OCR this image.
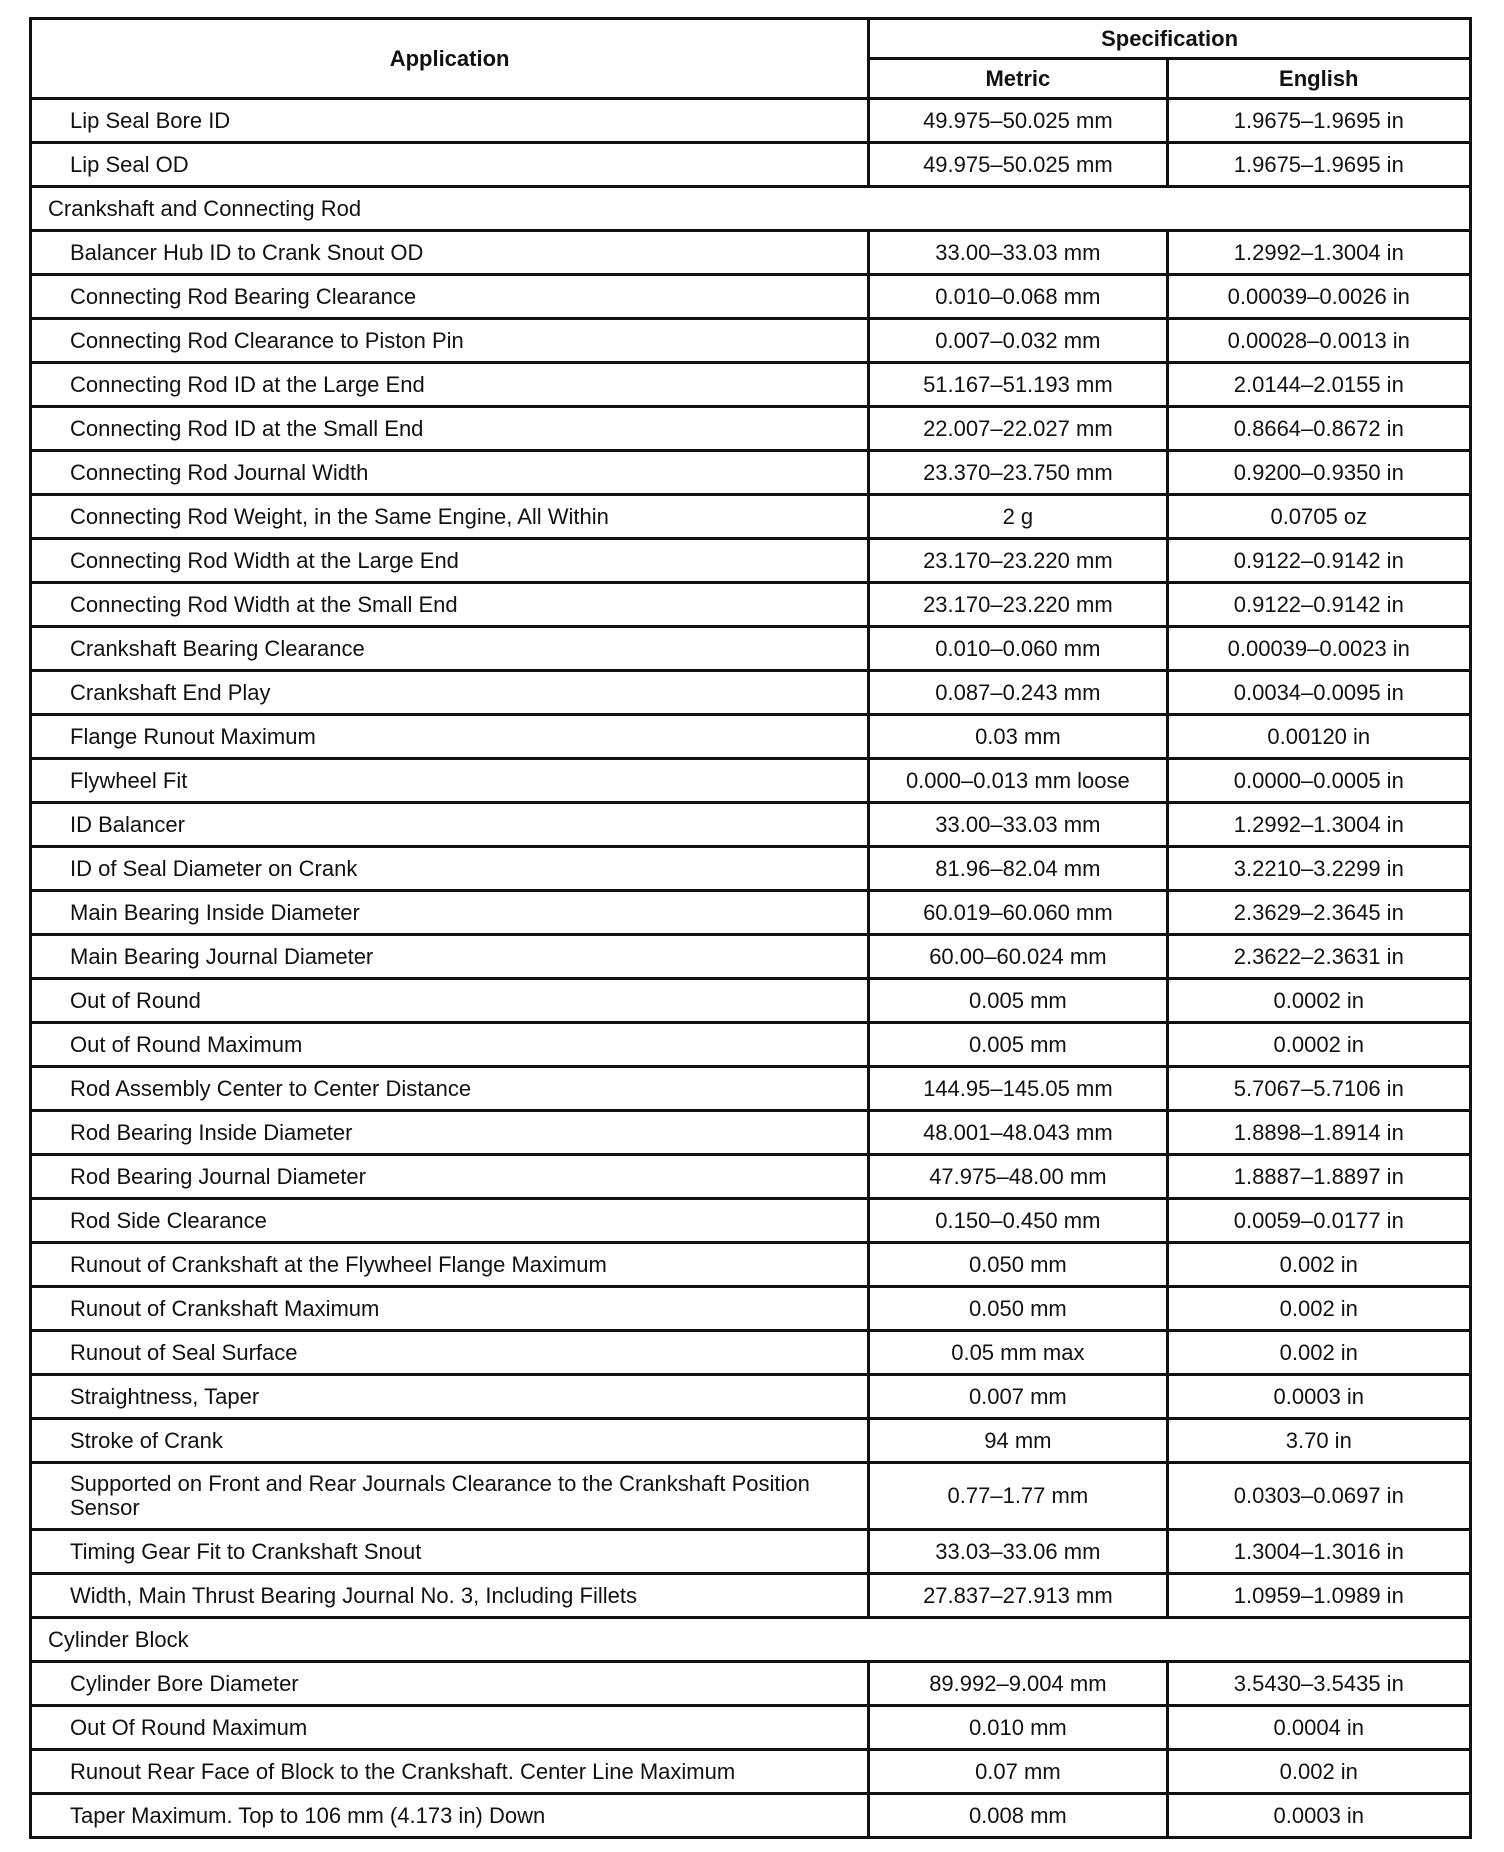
Application	Specification	
	Metric	English
Lip Seal Bore ID	49.975–50.025 mm	1.9675–1.9695 in
Lip Seal OD	49.975–50.025 mm	1.9675–1.9695 in
Crankshaft and Connecting Rod		
Balancer Hub ID to Crank Snout OD	33.00–33.03 mm	1.2992–1.3004 in
Connecting Rod Bearing Clearance	0.010–0.068 mm	0.00039–0.0026 in
Connecting Rod Clearance to Piston Pin	0.007–0.032 mm	0.00028–0.0013 in
Connecting Rod ID at the Large End	51.167–51.193 mm	2.0144–2.0155 in
Connecting Rod ID at the Small End	22.007–22.027 mm	0.8664–0.8672 in
Connecting Rod Journal Width	23.370–23.750 mm	0.9200–0.9350 in
Connecting Rod Weight, in the Same Engine, All Within	2 g	0.0705 oz
Connecting Rod Width at the Large End	23.170–23.220 mm	0.9122–0.9142 in
Connecting Rod Width at the Small End	23.170–23.220 mm	0.9122–0.9142 in
Crankshaft Bearing Clearance	0.010–0.060 mm	0.00039–0.0023 in
Crankshaft End Play	0.087–0.243 mm	0.0034–0.0095 in
Flange Runout Maximum	0.03 mm	0.00120 in
Flywheel Fit	0.000–0.013 mm loose	0.0000–0.0005 in
ID Balancer	33.00–33.03 mm	1.2992–1.3004 in
ID of Seal Diameter on Crank	81.96–82.04 mm	3.2210–3.2299 in
Main Bearing Inside Diameter	60.019–60.060 mm	2.3629–2.3645 in
Main Bearing Journal Diameter	60.00–60.024 mm	2.3622–2.3631 in
Out of Round	0.005 mm	0.0002 in
Out of Round Maximum	0.005 mm	0.0002 in
Rod Assembly Center to Center Distance	144.95–145.05 mm	5.7067–5.7106 in
Rod Bearing Inside Diameter	48.001–48.043 mm	1.8898–1.8914 in
Rod Bearing Journal Diameter	47.975–48.00 mm	1.8887–1.8897 in
Rod Side Clearance	0.150–0.450 mm	0.0059–0.0177 in
Runout of Crankshaft at the Flywheel Flange Maximum	0.050 mm	0.002 in
Runout of Crankshaft Maximum	0.050 mm	0.002 in
Runout of Seal Surface	0.05 mm max	0.002 in
Straightness, Taper	0.007 mm	0.0003 in
Stroke of Crank	94 mm	3.70 in
Supported on Front and Rear Journals Clearance to the Crankshaft Position Sensor	0.77–1.77 mm	0.0303–0.0697 in
Timing Gear Fit to Crankshaft Snout	33.03–33.06 mm	1.3004–1.3016 in
Width, Main Thrust Bearing Journal No. 3, Including Fillets	27.837–27.913 mm	1.0959–1.0989 in
Cylinder Block		
Cylinder Bore Diameter	89.992–9.004 mm	3.5430–3.5435 in
Out Of Round Maximum	0.010 mm	0.0004 in
Runout Rear Face of Block to the Crankshaft. Center Line Maximum	0.07 mm	0.002 in
Taper Maximum. Top to 106 mm (4.173 in) Down	0.008 mm	0.0003 in
